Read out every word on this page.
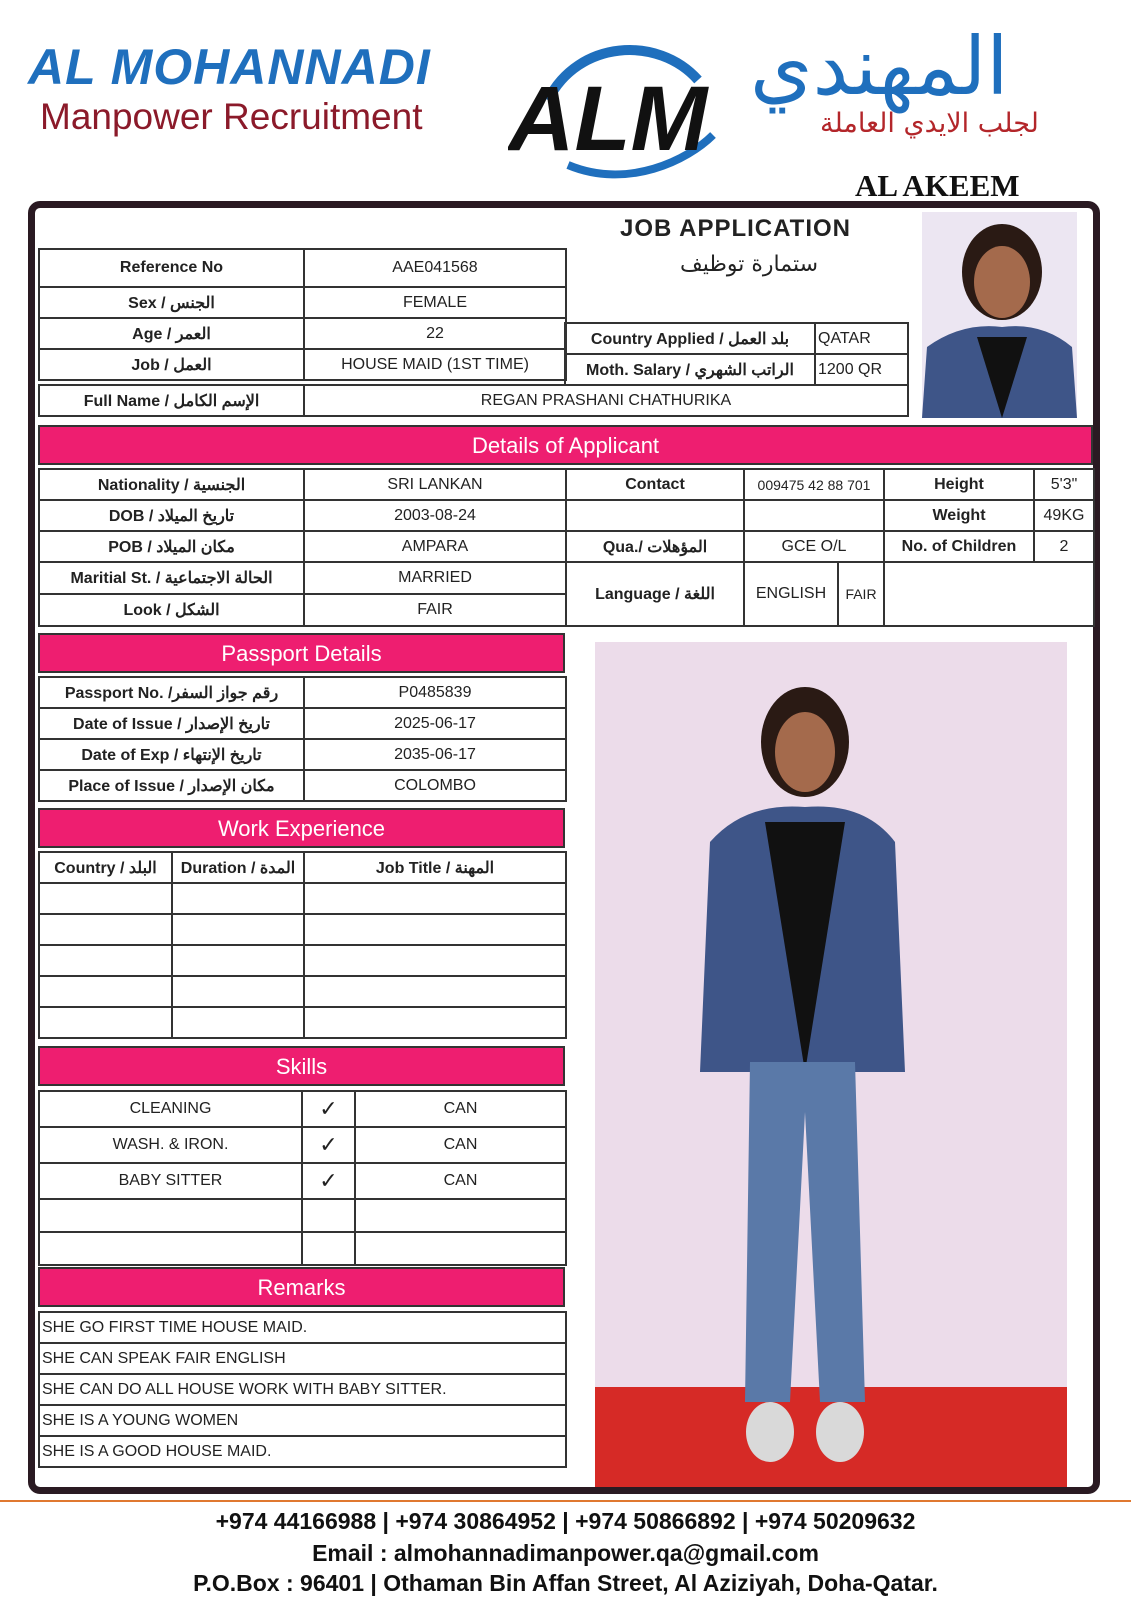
AL MOHANNADI
Manpower Recruitment ALM
المهندي
لجلب الايدي العاملة
AL AKEEM
JOB APPLICATION
ستمارة توظيف
Reference No	AAE041568
Sex / الجنس	FEMALE
Age / العمر	22
Job / العمل	HOUSE MAID (1ST TIME)
Country Applied / بلد العمل	QATAR
Moth. Salary / الراتب الشهري	1200 QR
Full Name / الإسم الكامل	REGAN PRASHANI CHATHURIKA
Details of Applicant
Nationality / الجنسية	SRI LANKAN	Contact	009475 42 88 701	Height	5'3"
DOB / تاريخ الميلاد	2003-08-24			Weight	49KG
POB / مكان الميلاد	AMPARA	Qua./ المؤهلات	GCE O/L	No. of Children	2
Maritial St. / الحالة الاجتماعية	MARRIED	Language / اللغة	ENGLISH FAIR		

Look / الشكل	FAIR				
Passport Details
Passport No. /رقم جواز السفر	P0485839
Date of Issue / تاريخ الإصدار	2025-06-17
Date of Exp / تاريخ الإنتهاء	2035-06-17
Place of Issue / مكان الإصدار	COLOMBO
Work Experience
Country / البلد	Duration / المدة	Job Title / المهنة

Skills
CLEANING	✓	CAN
WASH. & IRON.	✓	CAN
BABY SITTER	✓	CAN

Remarks
SHE GO FIRST TIME HOUSE MAID.
SHE CAN SPEAK FAIR ENGLISH
SHE CAN DO ALL HOUSE WORK WITH BABY SITTER.
SHE IS A YOUNG WOMEN
SHE IS A GOOD HOUSE MAID.
+974 44166988 | +974 30864952 | +974 50866892 | +974 50209632
Email : almohannadimanpower.qa@gmail.com
P.O.Box : 96401 | Othaman Bin Affan Street, Al Aziziyah, Doha-Qatar.
